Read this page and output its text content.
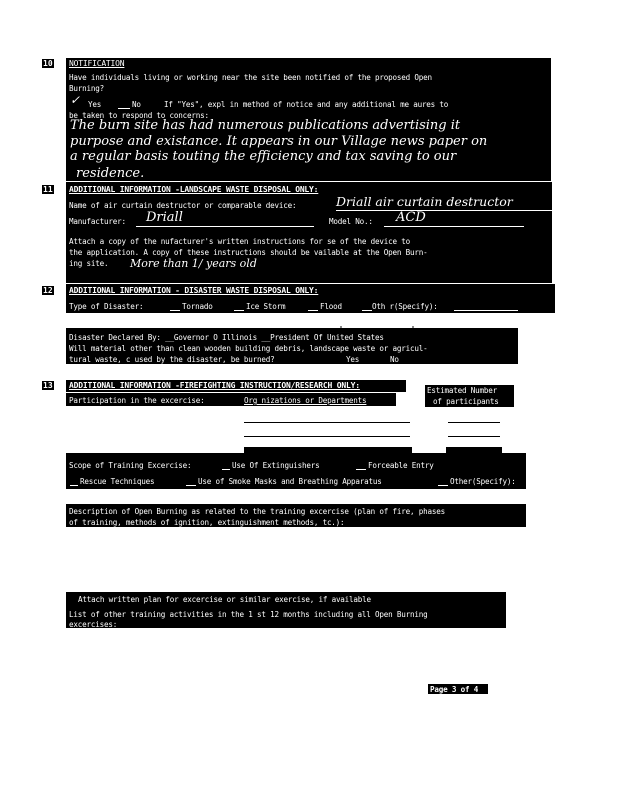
10 NOTIFICATION
Have individuals living or working near the site been notified of the proposed Open
Burning?
✓ Yes	No	If "Yes", expl in method of notice and any additional me aures to
be taken to respond to concerns:
The burn site has had numerous publications advertising it
purpose and existance. It appears in our Village news paper on
a regular basis touting the efficiency and tax saving to our
residence.
11 ADDITIONAL INFORMATION -LANDSCAPE WASTE DISPOSAL ONLY:
Name of air curtain destructor or comparable device:	Driall air curtain destructor
Manufacturer: Driall	Model No.: ACD
Attach a copy of the nufacturer's written instructions for se of the device to
the application. A copy of these instructions should be vailable at the Open Burn-
ing site. More than 1/ years old
12 ADDITIONAL INFORMATION - DISASTER WASTE DISPOSAL ONLY:
Type of Disaster:	Tornado	Ice Storm	Flood	Oth r(Specify):
Disaster Declared By: __Governor O Illinois __President Of United States
Will material other than clean wooden building debris, landscape waste or agricul-
tural waste, c used by the disaster, be burned?	Yes	No
13 ADDITIONAL INFORMATION -FIREFIGHTING INSTRUCTION/RESEARCH ONLY:
Participation in the excercise:	Org nizations or Departments
Estimated Number
of participants
Scope of Training Excercise:	Use Of Extinguishers	Forceable Entry
Rescue Techniques	Use of Smoke Masks and Breathing Apparatus	Other(Specify):
Description of Open Burning as related to the training excercise (plan of fire, phases
of training, methods of ignition, extinguishment methods, tc.):
Attach written plan for excercise or similar exercise, if available
List of other training activities in the 1 st 12 months including all Open Burning
excercises:
Page 3 of 4
